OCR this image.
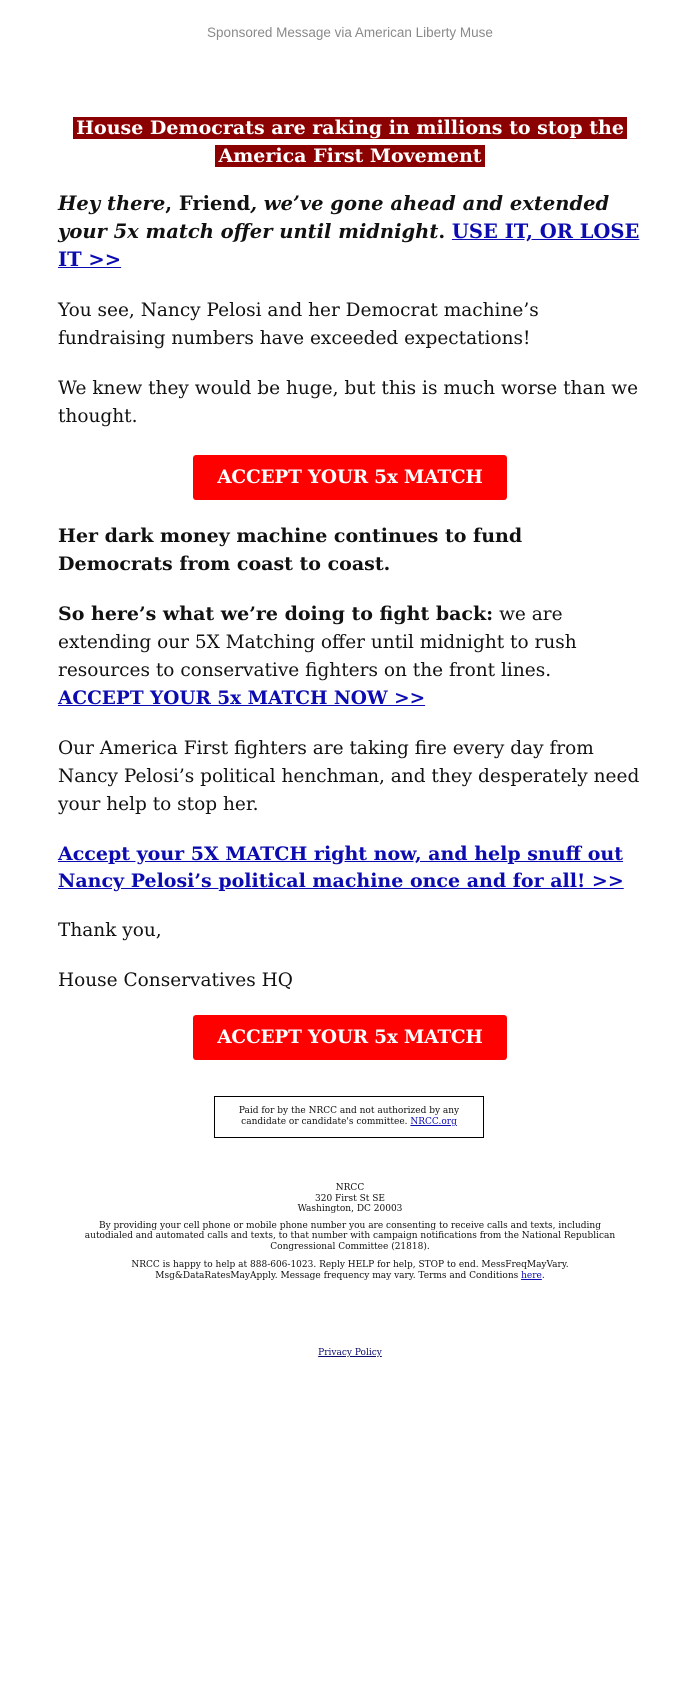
Sponsored Message via American Liberty Muse

House Democrats are raking in millions to stop the
America First Movement

Hey there, Friend, we’ve gone ahead and extended your 5x match offer until midnight. USE IT, OR LOSE IT >>

You see, Nancy Pelosi and her Democrat machine’s fundraising numbers have exceeded expectations!

We knew they would be huge, but this is much worse than we thought.

ACCEPT YOUR 5x MATCH

Her dark money machine continues to fund Democrats from coast to coast.

So here’s what we’re doing to fight back: we are extending our 5X Matching offer until midnight to rush resources to conservative fighters on the front lines. ACCEPT YOUR 5x MATCH NOW >>

Our America First fighters are taking fire every day from Nancy Pelosi’s political henchman, and they desperately need your help to stop her.

Accept your 5X MATCH right now, and help snuff out Nancy Pelosi’s political machine once and for all! >>

Thank you,

House Conservatives HQ

ACCEPT YOUR 5x MATCH
Paid for by the NRCC and not authorized by any candidate or candidate's committee. NRCC.org
NRCC
320 First St SE
Washington, DC 20003
By providing your cell phone or mobile phone number you are consenting to receive calls and texts, including autodialed and automated calls and texts, to that number with campaign notifications from the National Republican Congressional Committee (21818).
NRCC is happy to help at 888-606-1023. Reply HELP for help, STOP to end. MessFreqMayVary. Msg&DataRatesMayApply. Message frequency may vary. Terms and Conditions here.
Privacy Policy
